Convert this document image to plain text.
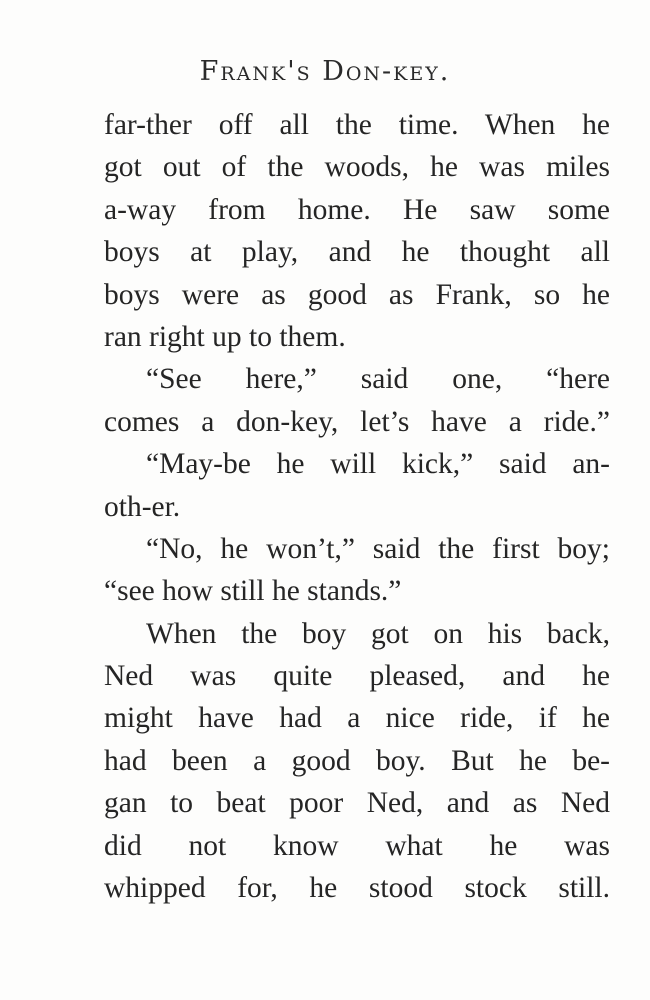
Frank's Don-key.
far-ther off all the time. When he
got out of the woods, he was miles
a-way from home. He saw some
boys at play, and he thought all
boys were as good as Frank, so he
ran right up to them.
“See here,” said one, “here
comes a don-key, let’s have a ride.”
“May-be he will kick,” said an-
oth-er.
“No, he won’t,” said the first boy;
“see how still he stands.”
When the boy got on his back,
Ned was quite pleased, and he
might have had a nice ride, if he
had been a good boy. But he be-
gan to beat poor Ned, and as Ned
did not know what he was
whipped for, he stood stock still.
